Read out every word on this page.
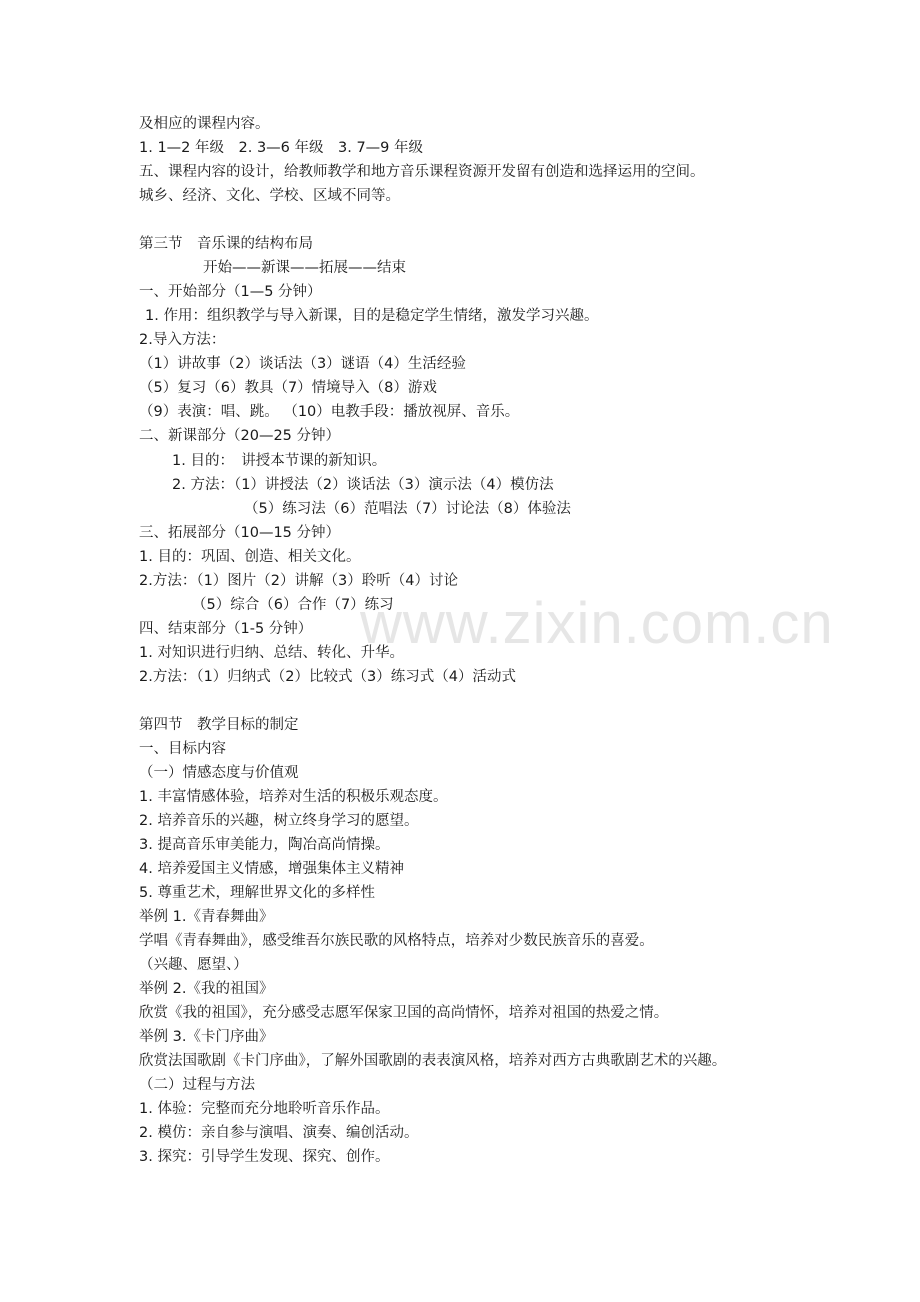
www.zixin.com.cn
及相应的课程内容。
1. 1—2 年级　2. 3—6 年级　3. 7—9 年级
五、课程内容的设计，给教师教学和地方音乐课程资源开发留有创造和选择运用的空间。
城乡、经济、文化、学校、区域不同等。
第三节　音乐课的结构布局
开始——新课——拓展——结束
一、开始部分（1—5 分钟）
1. 作用：组织教学与导入新课，目的是稳定学生情绪，激发学习兴趣。
2.导入方法：
（1）讲故事（2）谈话法（3）谜语（4）生活经验
（5）复习（6）教具（7）情境导入（8）游戏
（9）表演：唱、跳。 （10）电教手段：播放视屏、音乐。
二、新课部分（20—25 分钟）
1. 目的：　讲授本节课的新知识。
2. 方法：（1）讲授法（2）谈话法（3）演示法（4）模仿法
（5）练习法（6）范唱法（7）讨论法（8）体验法
三、拓展部分（10—15 分钟）
1. 目的：巩固、创造、相关文化。
2.方法：（1）图片（2）讲解（3）聆听（4）讨论
（5）综合（6）合作（7）练习
四、结束部分（1-5 分钟）
1. 对知识进行归纳、总结、转化、升华。
2.方法：（1）归纳式（2）比较式（3）练习式（4）活动式
第四节　教学目标的制定
一、目标内容
（一）情感态度与价值观
1. 丰富情感体验，培养对生活的积极乐观态度。
2. 培养音乐的兴趣，树立终身学习的愿望。
3. 提高音乐审美能力，陶冶高尚情操。
4. 培养爱国主义情感，增强集体主义精神
5. 尊重艺术，理解世界文化的多样性
举例 1.《青春舞曲》
学唱《青春舞曲》，感受维吾尔族民歌的风格特点，培养对少数民族音乐的喜爱。
（兴趣、愿望、）
举例 2.《我的祖国》
欣赏《我的祖国》，充分感受志愿军保家卫国的高尚情怀，培养对祖国的热爱之情。
举例 3.《卡门序曲》
欣赏法国歌剧《卡门序曲》，了解外国歌剧的表表演风格，培养对西方古典歌剧艺术的兴趣。
（二）过程与方法
1. 体验：完整而充分地聆听音乐作品。
2. 模仿：亲自参与演唱、演奏、编创活动。
3. 探究：引导学生发现、探究、创作。
